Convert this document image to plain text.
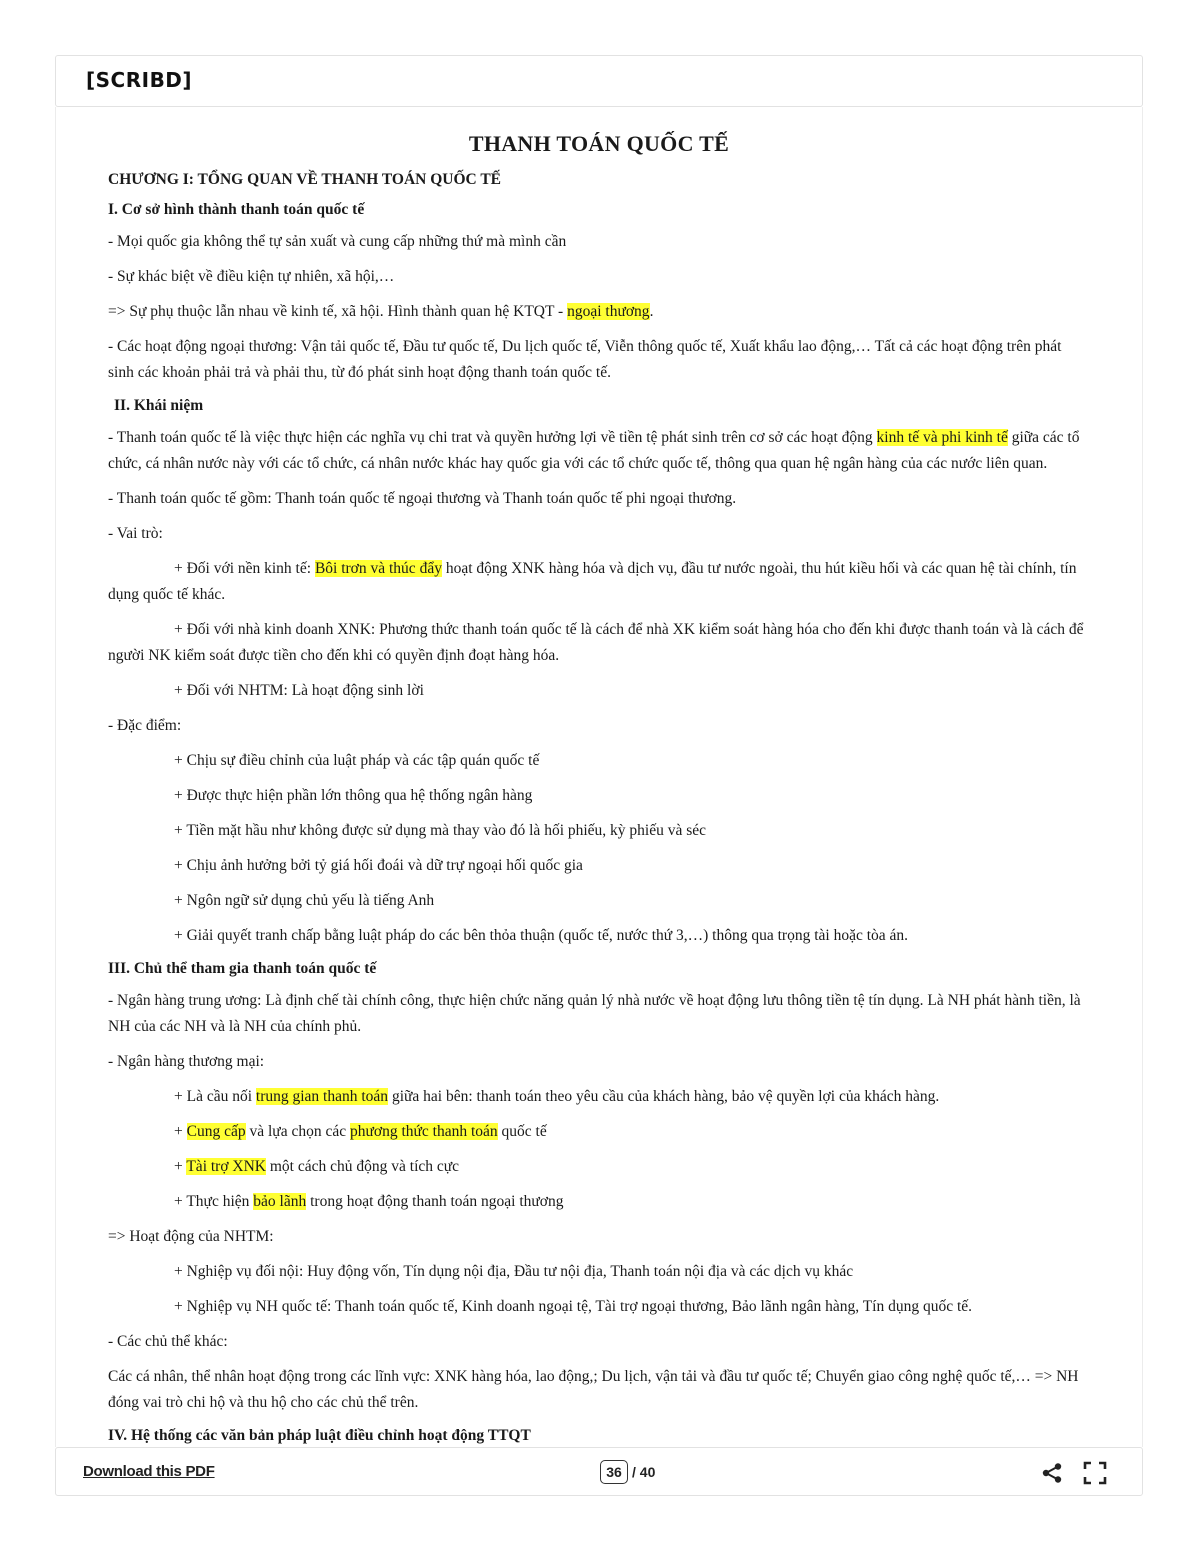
[SCRIBD]
THANH TOÁN QUỐC TẾ
CHƯƠNG I: TỔNG QUAN VỀ THANH TOÁN QUỐC TẾ
I. Cơ sở hình thành thanh toán quốc tế

- Mọi quốc gia không thể tự sản xuất và cung cấp những thứ mà mình cần

- Sự khác biệt về điều kiện tự nhiên, xã hội,…

=> Sự phụ thuộc lẫn nhau về kinh tế, xã hội. Hình thành quan hệ KTQT - ngoại thương.

- Các hoạt động ngoại thương: Vận tải quốc tế, Đầu tư quốc tế, Du lịch quốc tế, Viễn thông quốc tế, Xuất khẩu lao động,… Tất cả các hoạt động trên phát sinh các khoản phải trả và phải thu, từ đó phát sinh hoạt động thanh toán quốc tế.

II. Khái niệm

- Thanh toán quốc tế là việc thực hiện các nghĩa vụ chi trat và quyền hưởng lợi về tiền tệ phát sinh trên cơ sở các hoạt động kinh tế và phi kinh tế giữa các tổ chức, cá nhân nước này với các tổ chức, cá nhân nước khác hay quốc gia với các tổ chức quốc tế, thông qua quan hệ ngân hàng của các nước liên quan.

- Thanh toán quốc tế gồm: Thanh toán quốc tế ngoại thương và Thanh toán quốc tế phi ngoại thương.

- Vai trò:

+ Đối với nền kinh tế: Bôi trơn và thúc đẩy hoạt động XNK hàng hóa và dịch vụ, đầu tư nước ngoài, thu hút kiều hối và các quan hệ tài chính, tín dụng quốc tế khác.

+ Đối với nhà kinh doanh XNK: Phương thức thanh toán quốc tế là cách để nhà XK kiểm soát hàng hóa cho đến khi được thanh toán và là cách để người NK kiểm soát được tiền cho đến khi có quyền định đoạt hàng hóa.

+ Đối với NHTM: Là hoạt động sinh lời

- Đặc điểm:

+ Chịu sự điều chỉnh của luật pháp và các tập quán quốc tế

+ Được thực hiện phần lớn thông qua hệ thống ngân hàng

+ Tiền mặt hầu như không được sử dụng mà thay vào đó là hối phiếu, kỳ phiếu và séc

+ Chịu ảnh hưởng bởi tỷ giá hối đoái và dữ trự ngoại hối quốc gia

+ Ngôn ngữ sử dụng chủ yếu là tiếng Anh

+ Giải quyết tranh chấp bằng luật pháp do các bên thỏa thuận (quốc tế, nước thứ 3,…) thông qua trọng tài hoặc tòa án.

III. Chủ thể tham gia thanh toán quốc tế

- Ngân hàng trung ương: Là định chế tài chính công, thực hiện chức năng quản lý nhà nước về hoạt động lưu thông tiền tệ tín dụng. Là NH phát hành tiền, là NH của các NH và là NH của chính phủ.

- Ngân hàng thương mại:

+ Là cầu nối trung gian thanh toán giữa hai bên: thanh toán theo yêu cầu của khách hàng, bảo vệ quyền lợi của khách hàng.

+ Cung cấp và lựa chọn các phương thức thanh toán quốc tế

+ Tài trợ XNK một cách chủ động và tích cực

+ Thực hiện bảo lãnh trong hoạt động thanh toán ngoại thương

=> Hoạt động của NHTM:

+ Nghiệp vụ đối nội: Huy động vốn, Tín dụng nội địa, Đầu tư nội địa, Thanh toán nội địa và các dịch vụ khác

+ Nghiệp vụ NH quốc tế: Thanh toán quốc tế, Kinh doanh ngoại tệ, Tài trợ ngoại thương, Bảo lãnh ngân hàng, Tín dụng quốc tế.

- Các chủ thể khác:

Các cá nhân, thể nhân hoạt động trong các lĩnh vực: XNK hàng hóa, lao động,; Du lịch, vận tải và đầu tư quốc tế; Chuyển giao công nghệ quốc tế,… => NH đóng vai trò chi hộ và thu hộ cho các chủ thể trên.

IV. Hệ thống các văn bản pháp luật điều chỉnh hoạt động TTQT
Download this PDF	36 / 40
